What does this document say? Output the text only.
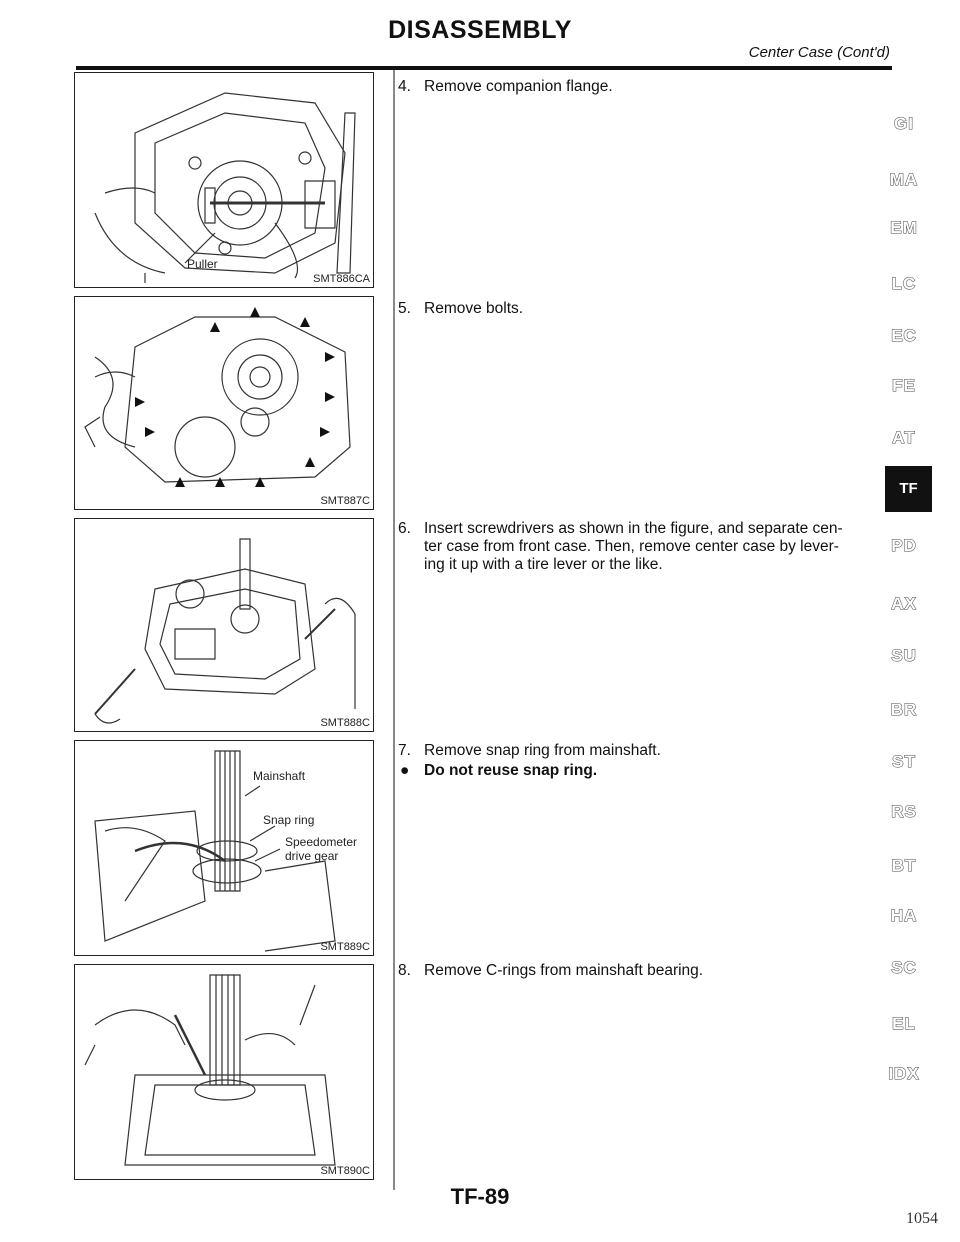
DISASSEMBLY
Center Case (Cont'd)
Puller
SMT886CA
SMT887C
SMT888C
Mainshaft
Snap ring
Speedometer
drive gear
SMT889C
SMT890C
4. Remove companion flange.
5. Remove bolts.
6. Insert screwdrivers as shown in the figure, and separate cen-
ter case from front case. Then, remove center case by lever-
ing it up with a tire lever or the like.
7. Remove snap ring from mainshaft.
● Do not reuse snap ring.
8. Remove C-rings from mainshaft bearing.
GI
MA
EM
LC
EC
FE
AT
TF
PD
AX
SU
BR
ST
RS
BT
HA
SC
EL
IDX
TF-89
1054
